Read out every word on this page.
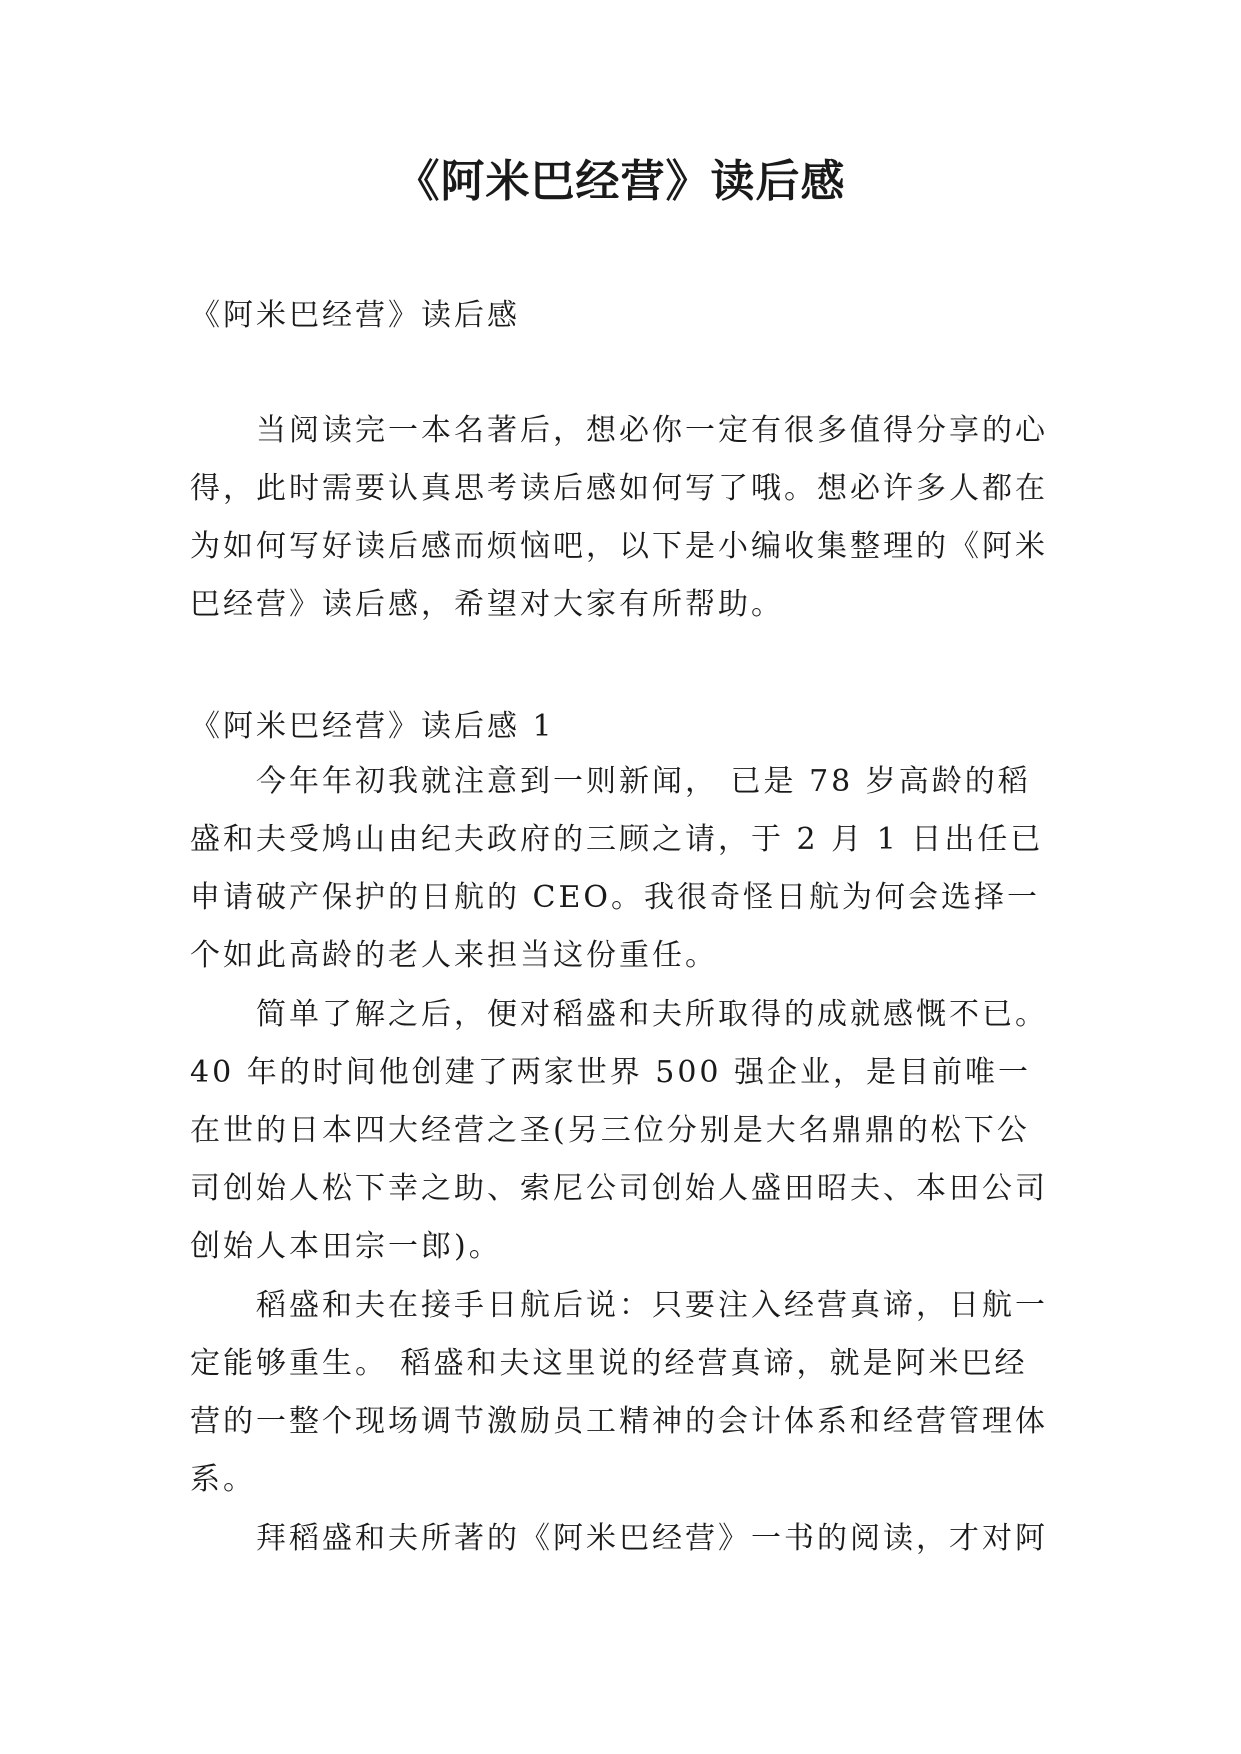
《阿米巴经营》读后感

《阿米巴经营》读后感

当阅读完一本名著后，想必你一定有很多值得分享的心得，此时需要认真思考读后感如何写了哦。想必许多人都在为如何写好读后感而烦恼吧，以下是小编收集整理的《阿米巴经营》读后感，希望对大家有所帮助。

《阿米巴经营》读后感 1

今年年初我就注意到一则新闻， 已是 78 岁高龄的稻盛和夫受鸠山由纪夫政府的三顾之请，于 2 月 1 日出任已申请破产保护的日航的 CEO。我很奇怪日航为何会选择一个如此高龄的老人来担当这份重任。

简单了解之后，便对稻盛和夫所取得的成就感慨不已。40 年的时间他创建了两家世界 500 强企业，是目前唯一在世的日本四大经营之圣(另三位分别是大名鼎鼎的松下公司创始人松下幸之助、索尼公司创始人盛田昭夫、本田公司创始人本田宗一郎)。

稻盛和夫在接手日航后说：只要注入经营真谛，日航一定能够重生。 稻盛和夫这里说的经营真谛，就是阿米巴经营的一整个现场调节激励员工精神的会计体系和经营管理体系。

拜稻盛和夫所著的《阿米巴经营》一书的阅读，才对阿
